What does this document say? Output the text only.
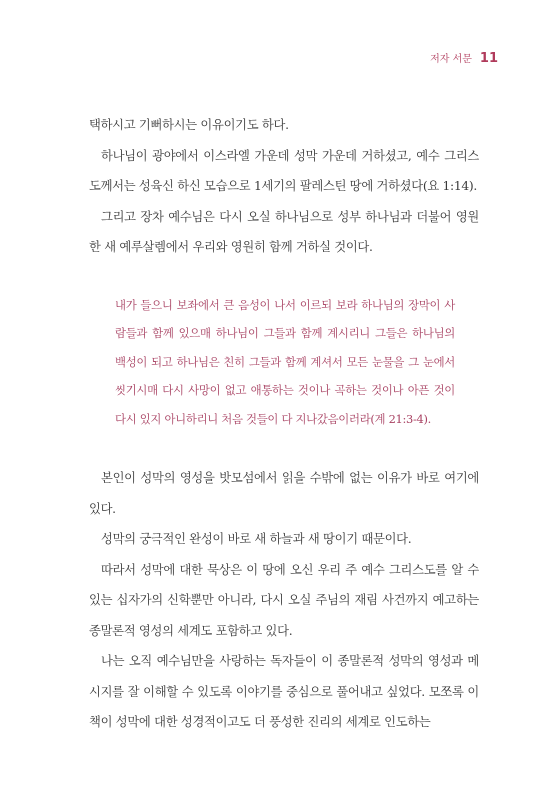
저자 서문 11

택하시고 기뻐하시는 이유이기도 하다.

하나님이 광야에서 이스라엘 가운데 성막 가운데 거하셨고, 예수 그리스도께서는 성육신 하신 모습으로 1세기의 팔레스틴 땅에 거하셨다(요 1:14).

그리고 장차 예수님은 다시 오실 하나님으로 성부 하나님과 더불어 영원한 새 예루살렘에서 우리와 영원히 함께 거하실 것이다.

내가 들으니 보좌에서 큰 음성이 나서 이르되 보라 하나님의 장막이 사람들과 함께 있으매 하나님이 그들과 함께 계시리니 그들은 하나님의 백성이 되고 하나님은 친히 그들과 함께 계셔서 모든 눈물을 그 눈에서 씻기시매 다시 사망이 없고 애통하는 것이나 곡하는 것이나 아픈 것이 다시 있지 아니하리니 처음 것들이 다 지나갔음이러라(계 21:3-4).

본인이 성막의 영성을 밧모섬에서 읽을 수밖에 없는 이유가 바로 여기에 있다.

성막의 궁극적인 완성이 바로 새 하늘과 새 땅이기 때문이다.

따라서 성막에 대한 묵상은 이 땅에 오신 우리 주 예수 그리스도를 알 수 있는 십자가의 신학뿐만 아니라, 다시 오실 주님의 재림 사건까지 예고하는 종말론적 영성의 세계도 포함하고 있다.

나는 오직 예수님만을 사랑하는 독자들이 이 종말론적 성막의 영성과 메시지를 잘 이해할 수 있도록 이야기를 중심으로 풀어내고 싶었다. 모쪼록 이 책이 성막에 대한 성경적이고도 더 풍성한 진리의 세계로 인도하는
